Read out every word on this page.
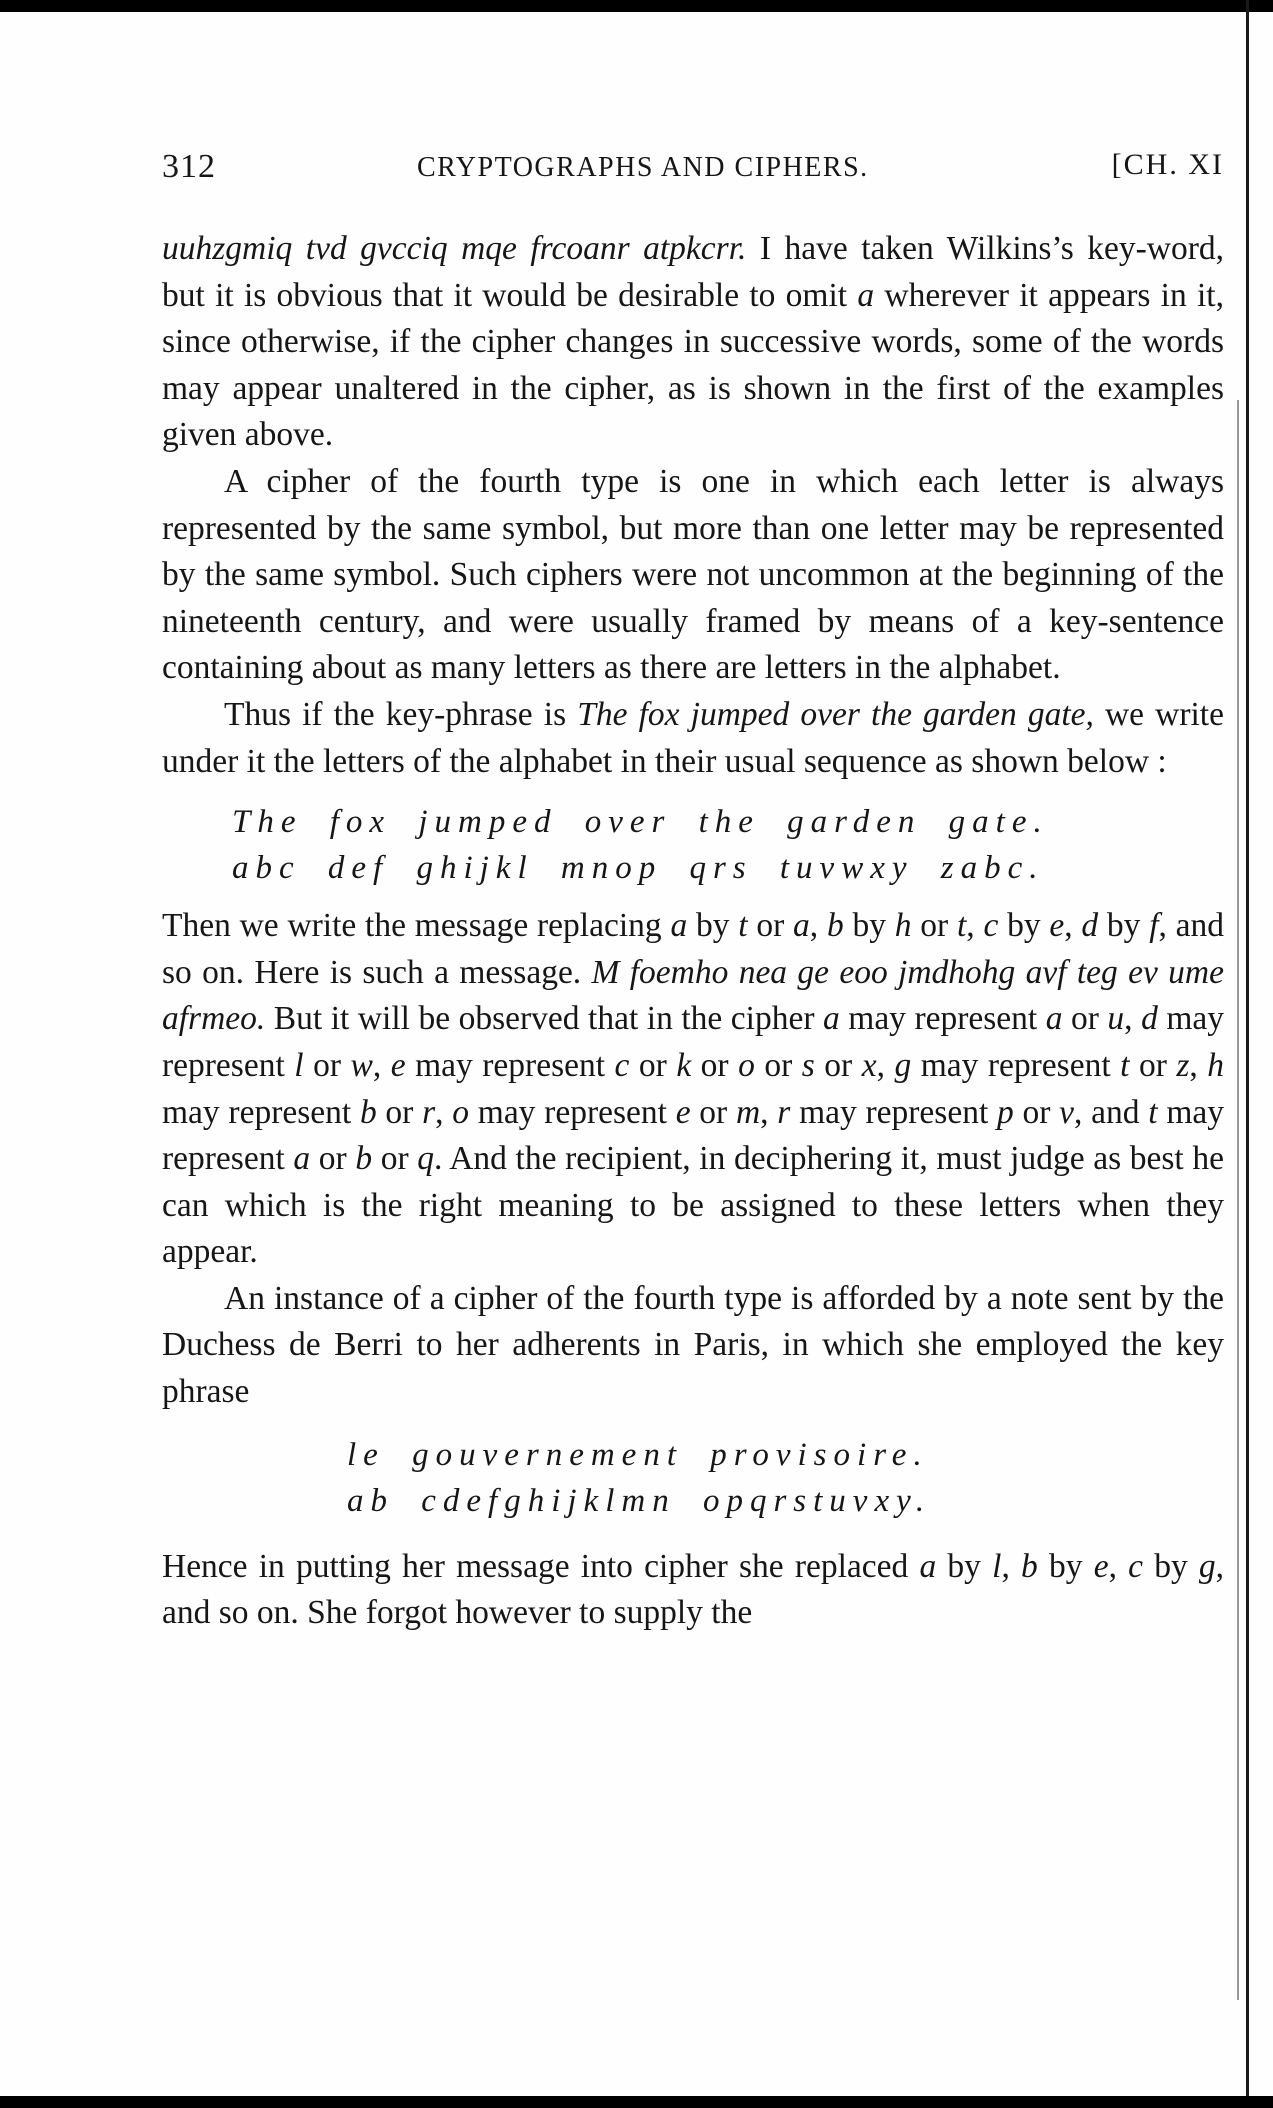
312	CRYPTOGRAPHS AND CIPHERS.	[CH. XI

uuhzgmiq tvd gvcciq mqe frcoanr atpkcrr. I have taken Wilkins’s key-word, but it is obvious that it would be desirable to omit a wherever it appears in it, since otherwise, if the cipher changes in successive words, some of the words may appear unaltered in the cipher, as is shown in the first of the examples given above.

A cipher of the fourth type is one in which each letter is always represented by the same symbol, but more than one letter may be represented by the same symbol. Such ciphers were not uncommon at the beginning of the nineteenth century, and were usually framed by means of a key-sentence containing about as many letters as there are letters in the alphabet.

Thus if the key-phrase is The fox jumped over the garden gate, we write under it the letters of the alphabet in their usual sequence as shown below :

The fox jumped over the garden gate.
abc def ghijkl mnop qrs tuvwxy zabc.

Then we write the message replacing a by t or a, b by h or t, c by e, d by f, and so on. Here is such a message. M foemho nea ge eoo jmdhohg avf teg ev ume afrmeo. But it will be observed that in the cipher a may represent a or u, d may represent l or w, e may represent c or k or o or s or x, g may represent t or z, h may represent b or r, o may represent e or m, r may represent p or v, and t may represent a or b or q. And the recipient, in deciphering it, must judge as best he can which is the right meaning to be assigned to these letters when they appear.

An instance of a cipher of the fourth type is afforded by a note sent by the Duchess de Berri to her adherents in Paris, in which she employed the key phrase

le gouvernement provisoire.
ab cdefghijklmn opqrstuvxy.

Hence in putting her message into cipher she replaced a by l, b by e, c by g, and so on. She forgot however to supply the
